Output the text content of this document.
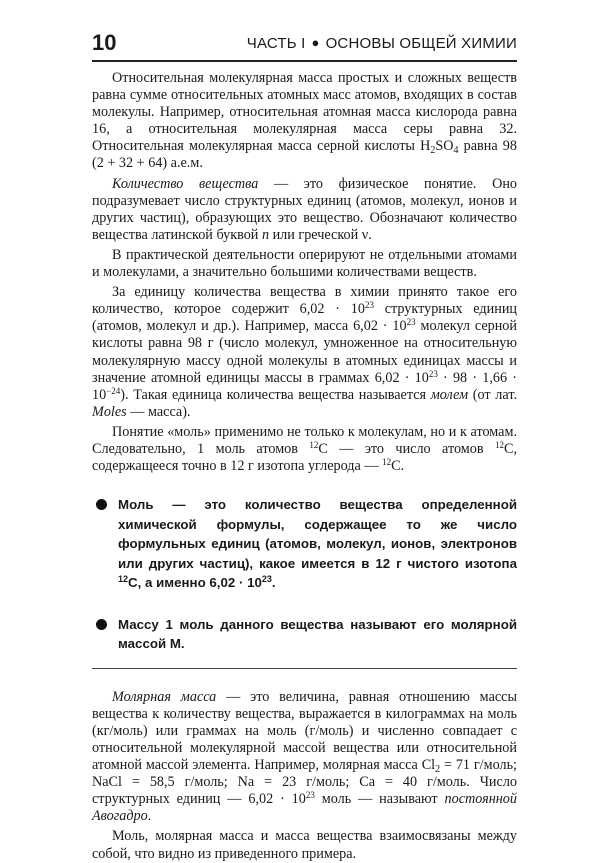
10	ЧАСТЬ I ● ОСНОВЫ ОБЩЕЙ ХИМИИ

Относительная молекулярная масса простых и сложных веществ равна сумме относительных атомных масс атомов, входящих в состав молекулы. Например, относительная атомная масса кислорода равна 16, а относительная молекулярная масса серы равна 32. Относительная молекулярная масса серной кислоты $H_2SO_4$ равна 98 (2 + 32 + 64) а.е.м.

Количество вещества — это физическое понятие. Оно подразумевает число структурных единиц (атомов, молекул, ионов и других частиц), образующих это вещество. Обозначают количество вещества латинской буквой n или греческой ν.

В практической деятельности оперируют не отдельными атомами и молекулами, а значительно большими количествами веществ.

За единицу количества вещества в химии принято такое его количество, которое содержит $6,02 \cdot 10^{23}$ структурных единиц (атомов, молекул и др.). Например, масса $6,02 \cdot 10^{23}$ молекул серной кислоты равна 98 г (число молекул, умноженное на относительную молекулярную массу одной молекулы в атомных единицах массы и значение атомной единицы массы в граммах $6,02 \cdot 10^{23} \cdot 98 \cdot 1,66 \cdot 10^{-24}$). Такая единица количества вещества называется молем (от лат. Moles — масса).

Понятие «моль» применимо не только к молекулам, но и к атомам. Следовательно, 1 моль атомов $^{12}$С — это число атомов $^{12}$С, содержащееся точно в 12 г изотопа углерода — $^{12}$С.

Моль — это количество вещества определенной химической формулы, содержащее то же число формульных единиц (атомов, молекул, ионов, электронов или других частиц), какое имеется в 12 г чистого изотопа $^{12}$С, а именно $6,02 \cdot 10^{23}$.
Массу 1 моль данного вещества называют его молярной массой М.

Молярная масса — это величина, равная отношению массы вещества к количеству вещества, выражается в килограммах на моль (кг/моль) или граммах на моль (г/моль) и численно совпадает с относительной молекулярной массой вещества или относительной атомной массой элемента. Например, молярная масса $Cl_2 = 71$ г/моль; NaCl = 58,5 г/моль; Na = 23 г/моль; Ca = 40 г/моль. Число структурных единиц — $6,02 \cdot 10^{23}$ моль — называют постоянной Авогадро.

Моль, молярная масса и масса вещества взаимосвязаны между собой, что видно из приведенного примера.
